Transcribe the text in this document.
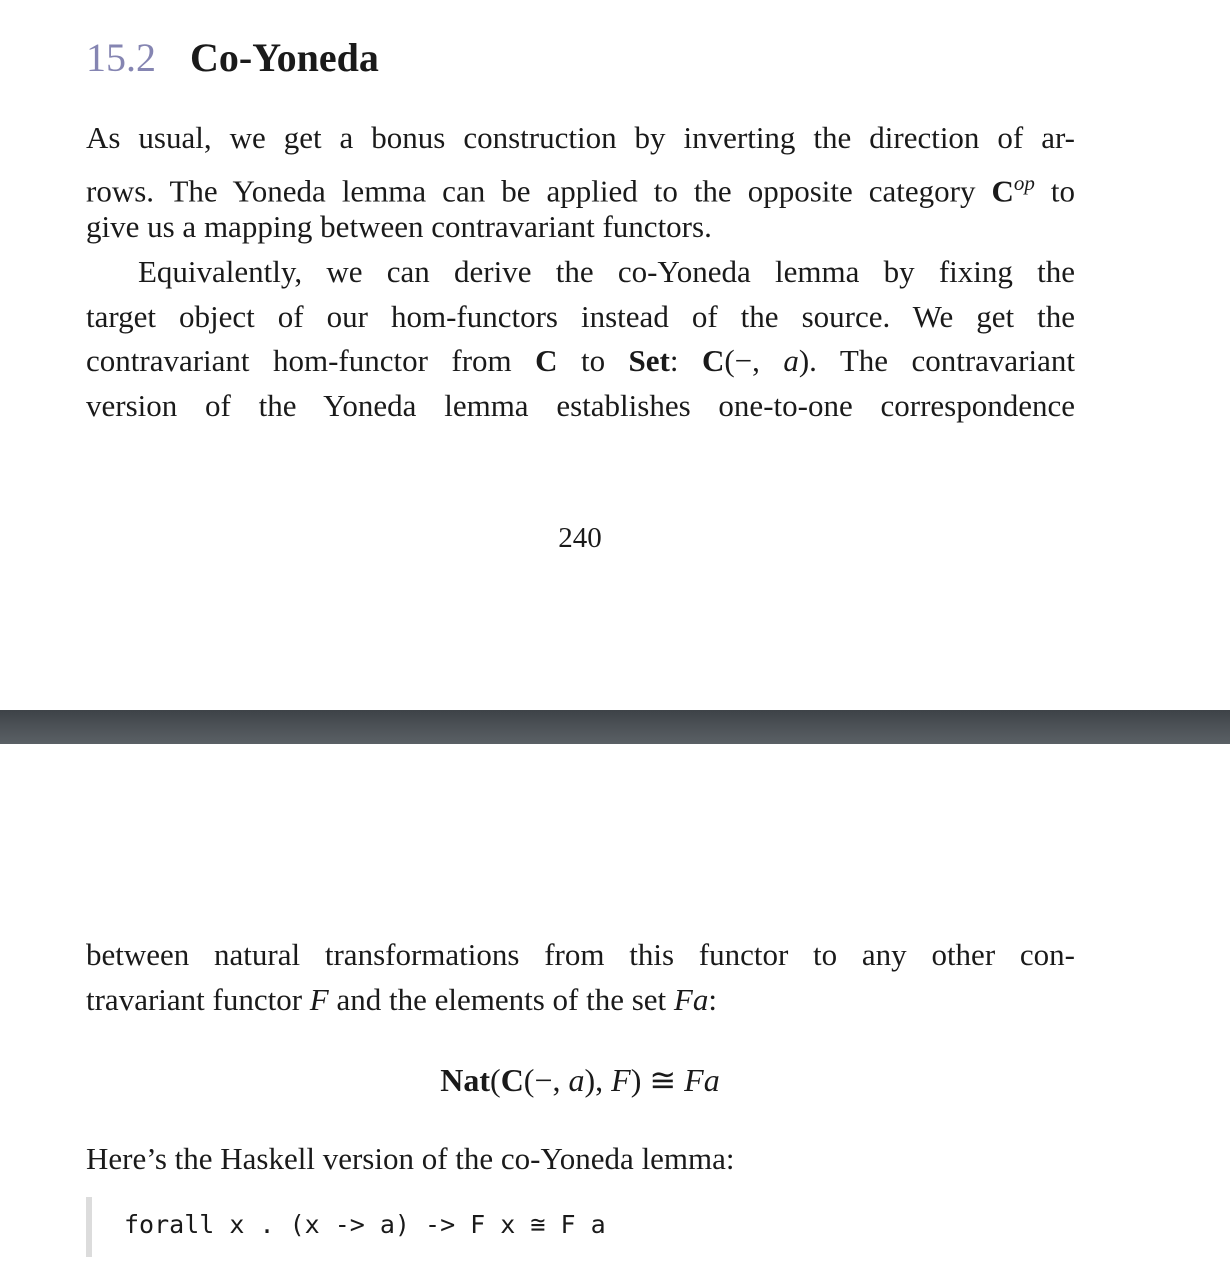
15.2 Co-Yoneda
As usual, we get a bonus construction by inverting the direction of ar-
rows. The Yoneda lemma can be applied to the opposite category $C^{op}$ to
give us a mapping between contravariant functors.
Equivalently, we can derive the co-Yoneda lemma by fixing the
target object of our hom-functors instead of the source. We get the
contravariant hom-functor from C to Set: C(−, a). The contravariant
version of the Yoneda lemma establishes one-to-one correspondence
240
between natural transformations from this functor to any other con-
travariant functor F and the elements of the set Fa:
Nat(C(−, a), F) ≅ Fa
Here’s the Haskell version of the co-Yoneda lemma:
forall x . (x -> a) -> F x ≅ F a
